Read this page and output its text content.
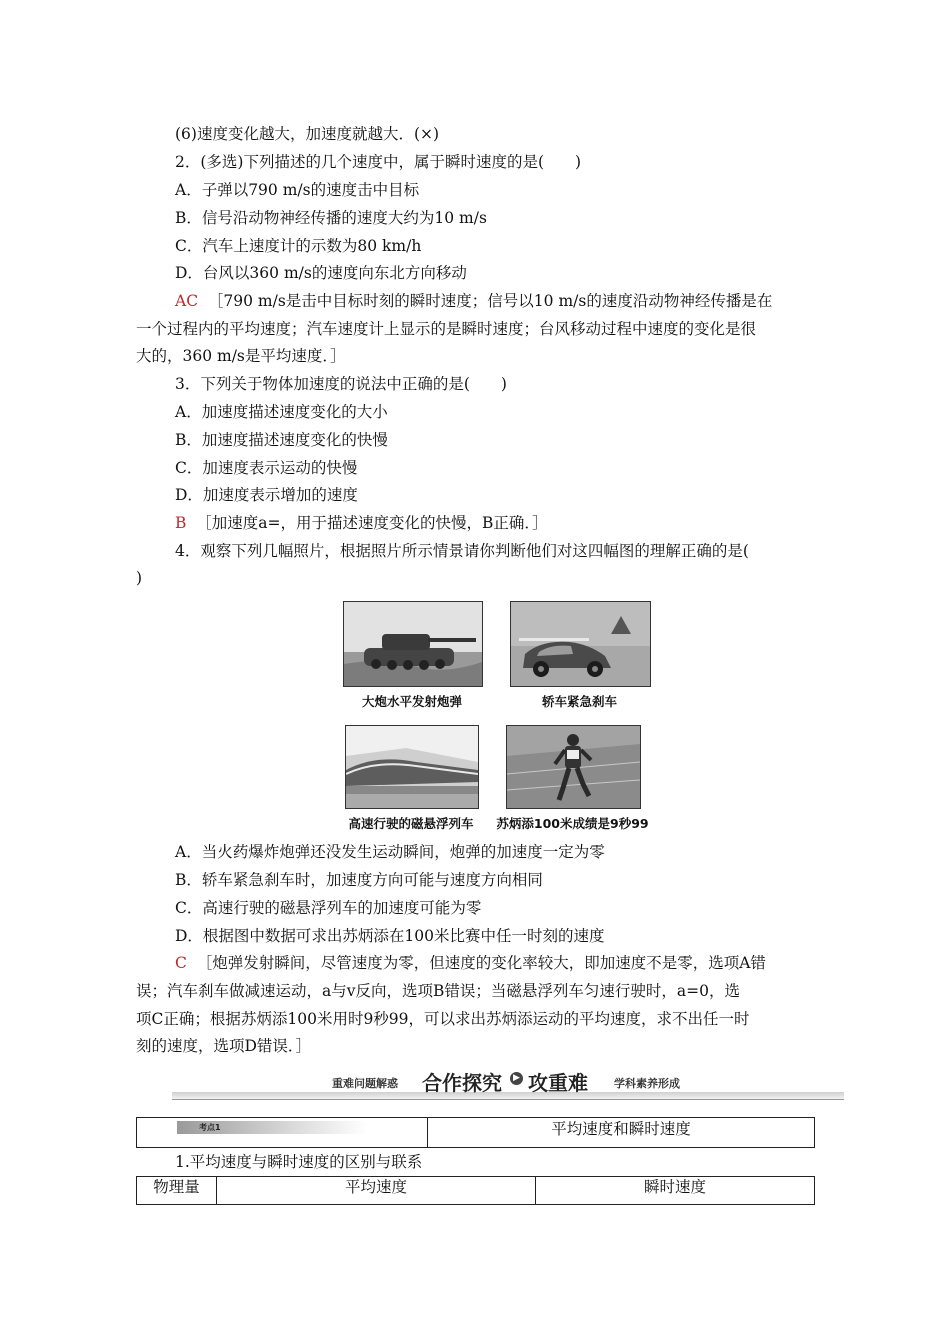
(6)速度变化越大，加速度就越大．(×)
2．(多选)下列描述的几个速度中，属于瞬时速度的是(　　)
A．子弹以790 m/s的速度击中目标
B．信号沿动物神经传播的速度大约为10 m/s
C．汽车上速度计的示数为80 km/h
D．台风以360 m/s的速度向东北方向移动
AC ［790 m/s是击中目标时刻的瞬时速度；信号以10 m/s的速度沿动物神经传播是在
一个过程内的平均速度；汽车速度计上显示的是瞬时速度；台风移动过程中速度的变化是很
大的，360 m/s是平均速度．］
3．下列关于物体加速度的说法中正确的是(　　)
A．加速度描述速度变化的大小
B．加速度描述速度变化的快慢
C．加速度表示运动的快慢
D．加速度表示增加的速度
B ［加速度a=，用于描述速度变化的快慢，B正确．］
4．观察下列几幅照片，根据照片所示情景请你判断他们对这四幅图的理解正确的是(
)
大炮水平发射炮弹	轿车紧急刹车
高速行驶的磁悬浮列车	苏炳添100米成绩是9秒99
A．当火药爆炸炮弹还没发生运动瞬间，炮弹的加速度一定为零
B．轿车紧急刹车时，加速度方向可能与速度方向相同
C．高速行驶的磁悬浮列车的加速度可能为零
D．根据图中数据可求出苏炳添在100米比赛中任一时刻的速度
C ［炮弹发射瞬间，尽管速度为零，但速度的变化率较大，即加速度不是零，选项A错
误；汽车刹车做减速运动，a与v反向，选项B错误；当磁悬浮列车匀速行驶时，a=0，选
项C正确；根据苏炳添100米用时9秒99，可以求出苏炳添运动的平均速度，求不出任一时
刻的速度，选项D错误．］
重难问题解惑 合作探究	▶ 攻重难 学科素养形成
考点1	平均速度和瞬时速度
1.平均速度与瞬时速度的区别与联系
物理量	平均速度	瞬时速度
